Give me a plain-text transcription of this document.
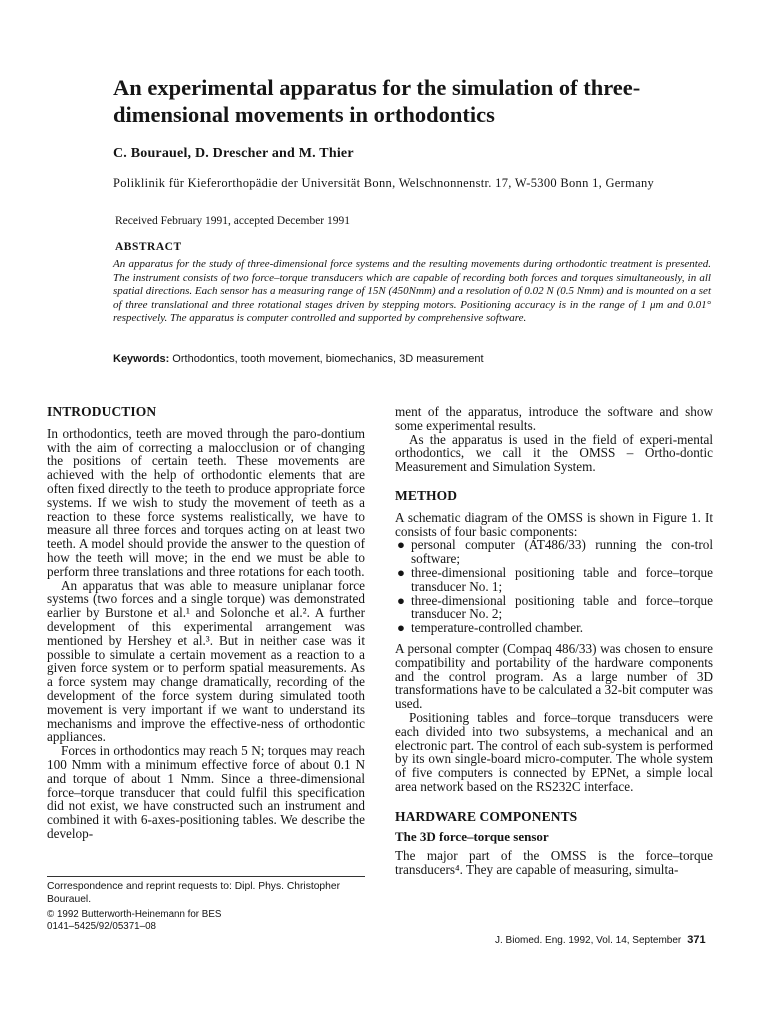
An experimental apparatus for the simulation of three-dimensional movements in orthodontics
C. Bourauel, D. Drescher and M. Thier
Poliklinik für Kieferorthopädie der Universität Bonn, Welschnonnenstr. 17, W-5300 Bonn 1, Germany
Received February 1991, accepted December 1991
ABSTRACT
An apparatus for the study of three-dimensional force systems and the resulting movements during orthodontic treatment is presented. The instrument consists of two force–torque transducers which are capable of recording both forces and torques simultaneously, in all spatial directions. Each sensor has a measuring range of 15N (450Nmm) and a resolution of 0.02 N (0.5 Nmm) and is mounted on a set of three translational and three rotational stages driven by stepping motors. Positioning accuracy is in the range of 1 μm and 0.01° respectively. The apparatus is computer controlled and supported by comprehensive software.
Keywords: Orthodontics, tooth movement, biomechanics, 3D measurement
INTRODUCTION

In orthodontics, teeth are moved through the paro-dontium with the aim of correcting a malocclusion or of changing the positions of certain teeth. These movements are achieved with the help of orthodontic elements that are often fixed directly to the teeth to produce appropriate force systems. If we wish to study the movement of teeth as a reaction to these force systems realistically, we have to measure all three forces and torques acting on at least two teeth. A model should provide the answer to the question of how the teeth will move; in the end we must be able to perform three translations and three rotations for each tooth.

An apparatus that was able to measure uniplanar force systems (two forces and a single torque) was demonstrated earlier by Burstone et al.¹ and Solonche et al.². A further development of this experimental arrangement was mentioned by Hershey et al.³. But in neither case was it possible to simulate a certain movement as a reaction to a given force system or to perform spatial measurements. As a force system may change dramatically, recording of the development of the force system during simulated tooth movement is very important if we want to understand its mechanisms and improve the effective-ness of orthodontic appliances.

Forces in orthodontics may reach 5 N; torques may reach 100 Nmm with a minimum effective force of about 0.1 N and torque of about 1 Nmm. Since a three-dimensional force–torque transducer that could fulfil this specification did not exist, we have constructed such an instrument and combined it with 6-axes-positioning tables. We describe the develop-

ment of the apparatus, introduce the software and show some experimental results.

As the apparatus is used in the field of experi-mental orthodontics, we call it the OMSS – Ortho-dontic Measurement and Simulation System.

METHOD

A schematic diagram of the OMSS is shown in Figure 1. It consists of four basic components:

● personal computer (AT486/33) running the con-trol software;
● three-dimensional positioning table and force–torque transducer No. 1;
● three-dimensional positioning table and force–torque transducer No. 2;
● temperature-controlled chamber.

A personal compter (Compaq 486/33) was chosen to ensure compatibility and portability of the hardware components and the control program. As a large number of 3D transformations have to be calculated a 32-bit computer was used.

Positioning tables and force–torque transducers were each divided into two subsystems, a mechanical and an electronic part. The control of each sub-system is performed by its own single-board micro-computer. The whole system of five computers is connected by EPNet, a simple local area network based on the RS232C interface.

HARDWARE COMPONENTS
The 3D force–torque sensor

The major part of the OMSS is the force–torque transducers⁴. They are capable of measuring, simulta-

Correspondence and reprint requests to: Dipl. Phys. Christopher Bourauel.
© 1992 Butterworth-Heinemann for BES
0141–5425/92/05371–08
J. Biomed. Eng. 1992, Vol. 14, September 371
